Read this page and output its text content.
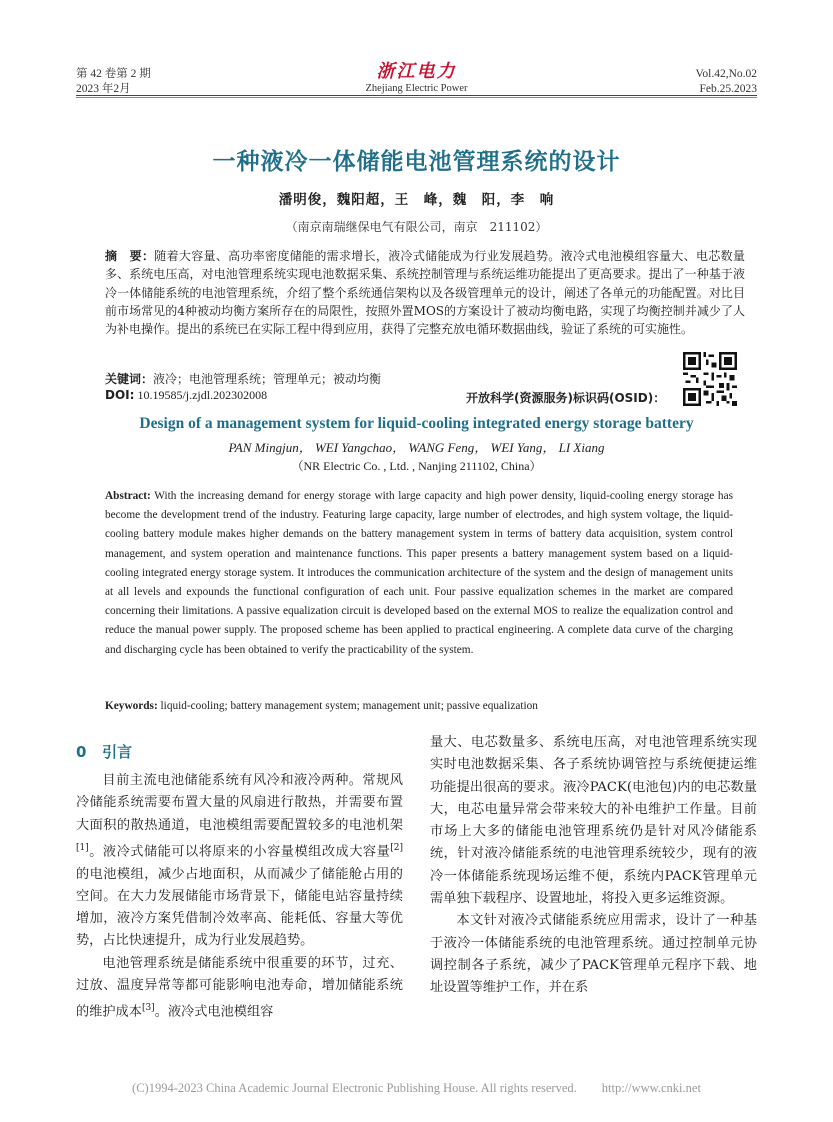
第 42 卷第 2 期
2023 年2月
浙江电力
Zhejiang Electric Power
Vol.42,No.02
Feb.25.2023
一种液冷一体储能电池管理系统的设计
潘明俊，魏阳超，王　峰，魏　阳，李　响
（南京南瑞继保电气有限公司，南京　211102）
摘　要：随着大容量、高功率密度储能的需求增长，液冷式储能成为行业发展趋势。液冷式电池模组容量大、电芯数量多、系统电压高，对电池管理系统实现电池数据采集、系统控制管理与系统运维功能提出了更高要求。提出了一种基于液冷一体储能系统的电池管理系统，介绍了整个系统通信架构以及各级管理单元的设计，阐述了各单元的功能配置。对比目前市场常见的4种被动均衡方案所存在的局限性，按照外置MOS的方案设计了被动均衡电路，实现了均衡控制并减少了人为补电操作。提出的系统已在实际工程中得到应用，获得了完整充放电循环数据曲线，验证了系统的可实施性。
关键词：液冷；电池管理系统；管理单元；被动均衡
DOI: 10.19585/j.zjdl.202302008	开放科学(资源服务)标识码(OSID)：
Design of a management system for liquid-cooling integrated energy storage battery
PAN Mingjun， WEI Yangchao， WANG Feng， WEI Yang， LI Xiang
（NR Electric Co. , Ltd. , Nanjing 211102, China）
Abstract: With the increasing demand for energy storage with large capacity and high power density, liquid-cooling energy storage has become the development trend of the industry. Featuring large capacity, large number of electrodes, and high system voltage, the liquid-cooling battery module makes higher demands on the battery management system in terms of battery data acquisition, system control management, and system operation and maintenance functions. This paper presents a battery management system based on a liquid-cooling integrated energy storage system. It introduces the communication architecture of the system and the design of management units at all levels and expounds the functional configuration of each unit. Four passive equalization schemes in the market are compared concerning their limitations. A passive equalization circuit is developed based on the external MOS to realize the equalization control and reduce the manual power supply. The proposed scheme has been applied to practical engineering. A complete data curve of the charging and discharging cycle has been obtained to verify the practicability of the system.
Keywords: liquid-cooling; battery management system; management unit; passive equalization
0 引言

目前主流电池储能系统有风冷和液冷两种。常规风冷储能系统需要布置大量的风扇进行散热，并需要布置大面积的散热通道，电池模组需要配置较多的电池机架[1]。液冷式储能可以将原来的小容量模组改成大容量[2]的电池模组，减少占地面积，从而减少了储能舱占用的空间。在大力发展储能市场背景下，储能电站容量持续增加，液冷方案凭借制冷效率高、能耗低、容量大等优势，占比快速提升，成为行业发展趋势。

电池管理系统是储能系统中很重要的环节，过充、过放、温度异常等都可能影响电池寿命，增加储能系统的维护成本[3]。液冷式电池模组容

量大、电芯数量多、系统电压高，对电池管理系统实现实时电池数据采集、各子系统协调管控与系统便捷运维功能提出很高的要求。液冷PACK(电池包)内的电芯数量大，电芯电量异常会带来较大的补电维护工作量。目前市场上大多的储能电池管理系统仍是针对风冷储能系统，针对液冷储能系统的电池管理系统较少，现有的液冷一体储能系统现场运维不便，系统内PACK管理单元需单独下载程序、设置地址，将投入更多运维资源。

本文针对液冷式储能系统应用需求，设计了一种基于液冷一体储能系统的电池管理系统。通过控制单元协调控制各子系统，减少了PACK管理单元程序下载、地址设置等维护工作，并在系

(C)1994-2023 China Academic Journal Electronic Publishing House. All rights reserved.　　http://www.cnki.net
